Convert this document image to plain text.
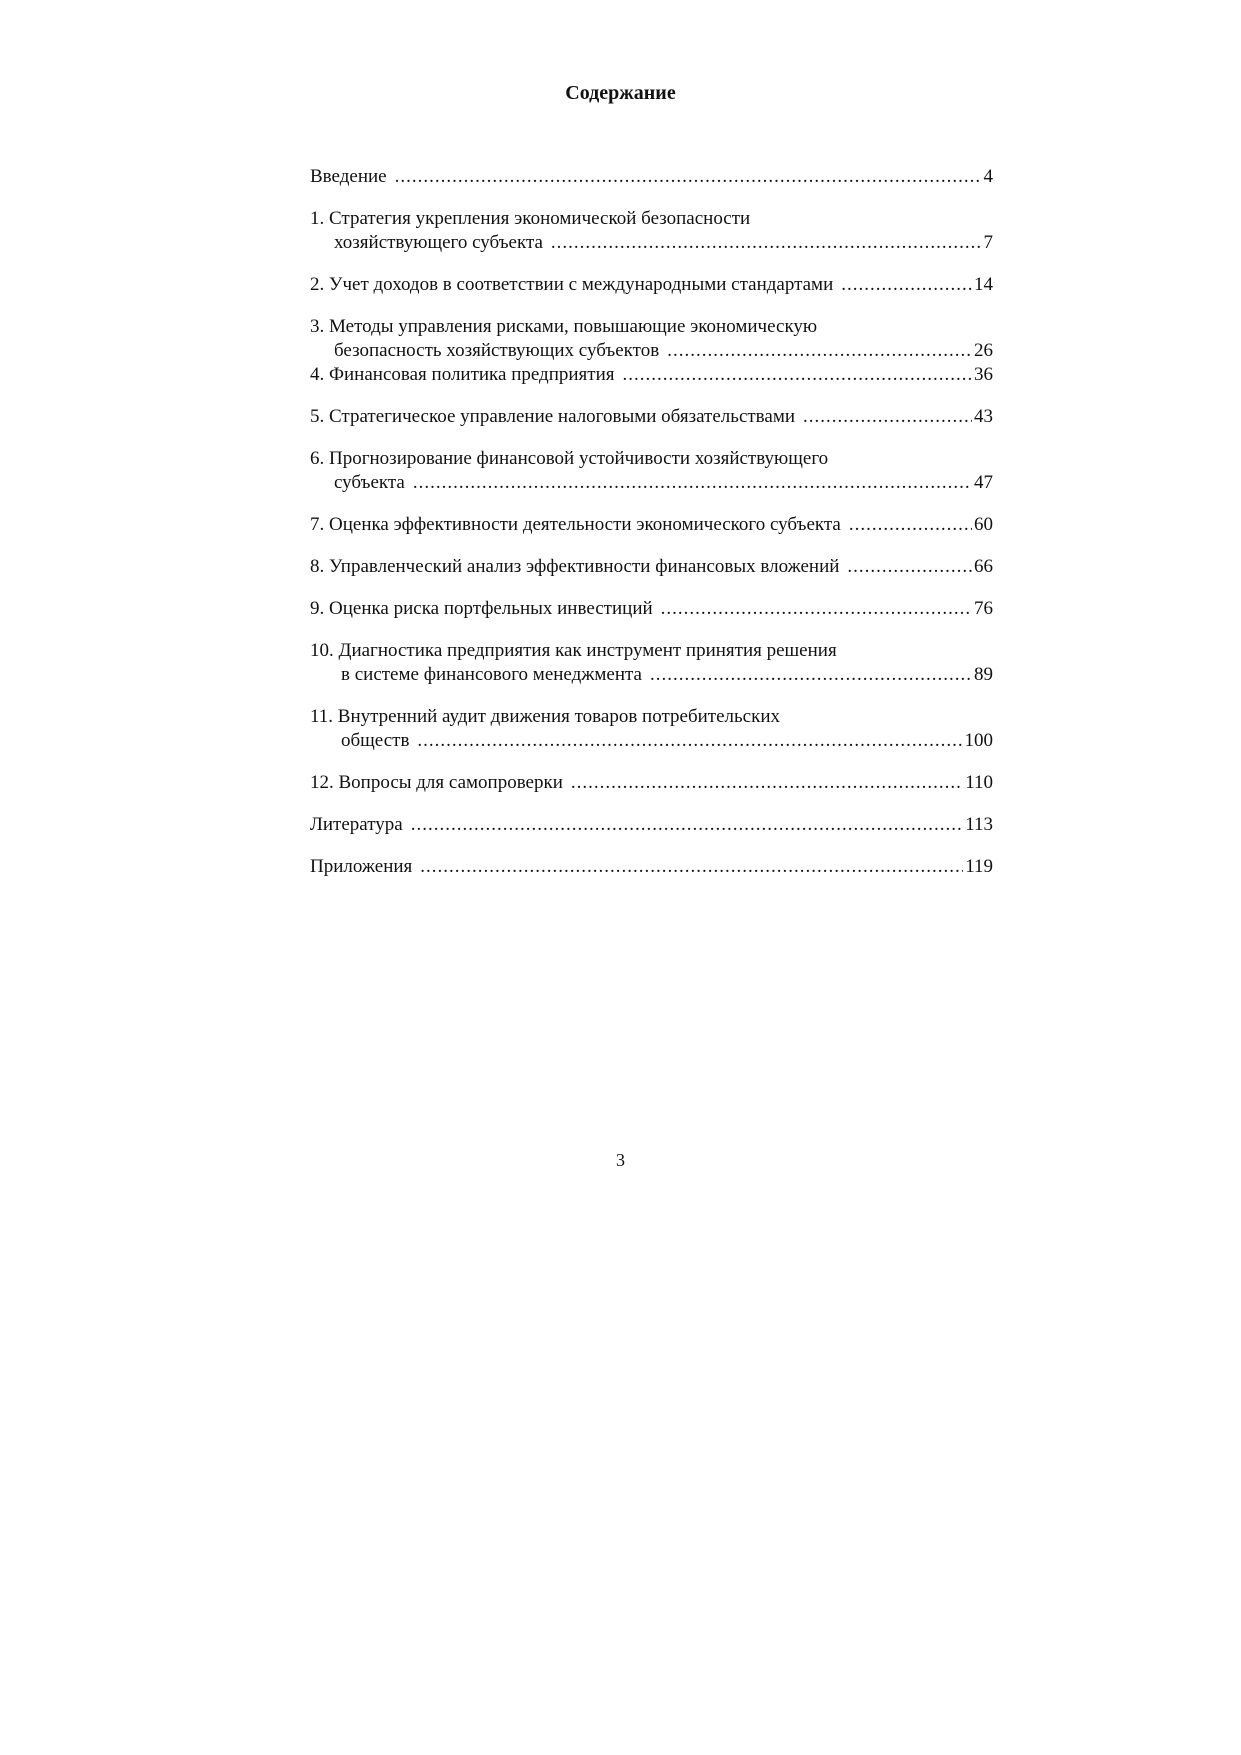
Содержание
Введение .....	4
1. Стратегия укрепления экономической безопасности
хозяйствующего субъекта .....	7
2. Учет доходов в соответствии с международными стандартами .....	14
3. Методы управления рисками, повышающие экономическую
безопасность хозяйствующих субъектов .....	26
4. Финансовая политика предприятия .....	36
5. Стратегическое управление налоговыми обязательствами .....	43
6. Прогнозирование финансовой устойчивости хозяйствующего
субъекта .....	47
7. Оценка эффективности деятельности экономического субъекта .....	60
8. Управленческий анализ эффективности финансовых вложений .....	66
9. Оценка риска портфельных инвестиций .....	76
10. Диагностика предприятия как инструмент принятия решения
в системе финансового менеджмента .....	89
11. Внутренний аудит движения товаров потребительских
обществ .....	100
12. Вопросы для самопроверки .....	110
Литература .....	113
Приложения .....	119
3
